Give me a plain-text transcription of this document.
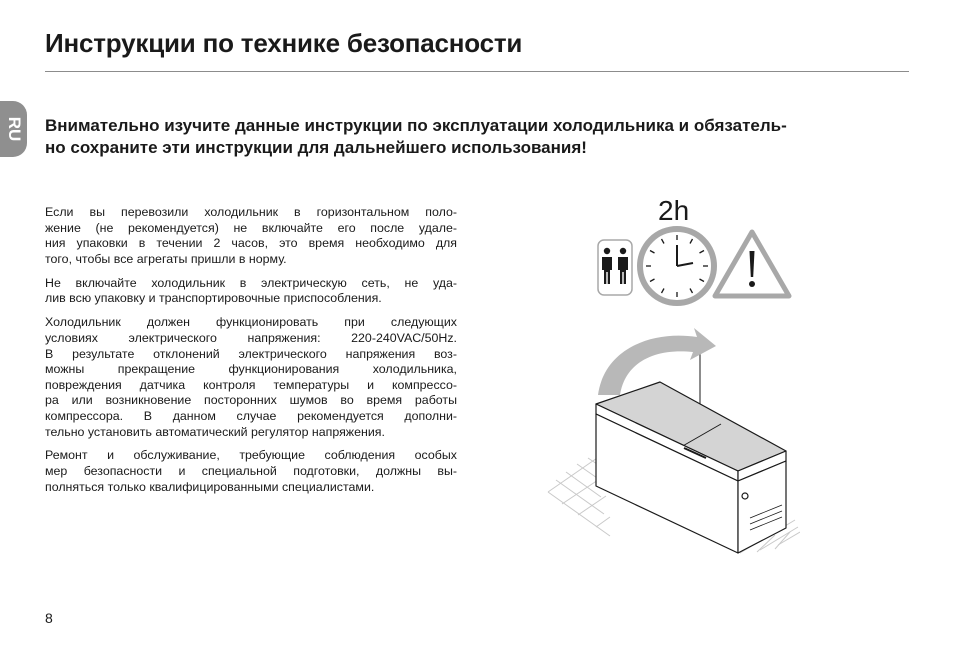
Инструкции по технике безопасности
RU Внимательно изучите данные инструкции по эксплуатации холодильника и обязатель-
но сохраните эти инструкции для дальнейшего использования!

Если вы перевозили холодильник в горизонтальном поло-
жение (не рекомендуется) не включайте его после удале-
ния упаковки в течении 2 часов, это время необходимо для
того, чтобы все агрегаты пришли в норму.

Не включайте холодильник в электрическую сеть, не уда-
лив всю упаковку и транспортировочные приспособления.

Холодильник должен функционировать при следующих
условиях электрического напряжения: 220-240VAC/50Hz.
В результате отклонений электрического напряжения воз-
можны прекращение функционирования холодильника,
повреждения датчика контроля температуры и компрессо-
ра или возникновение посторонних шумов во время работы
компрессора. В данном случае рекомендуется дополни-
тельно установить автоматический регулятор напряжения.

Ремонт и обслуживание, требующие соблюдения особых
мер безопасности и специальной подготовки, должны вы-
полняться только квалифицированными специалистами.

8
2h
